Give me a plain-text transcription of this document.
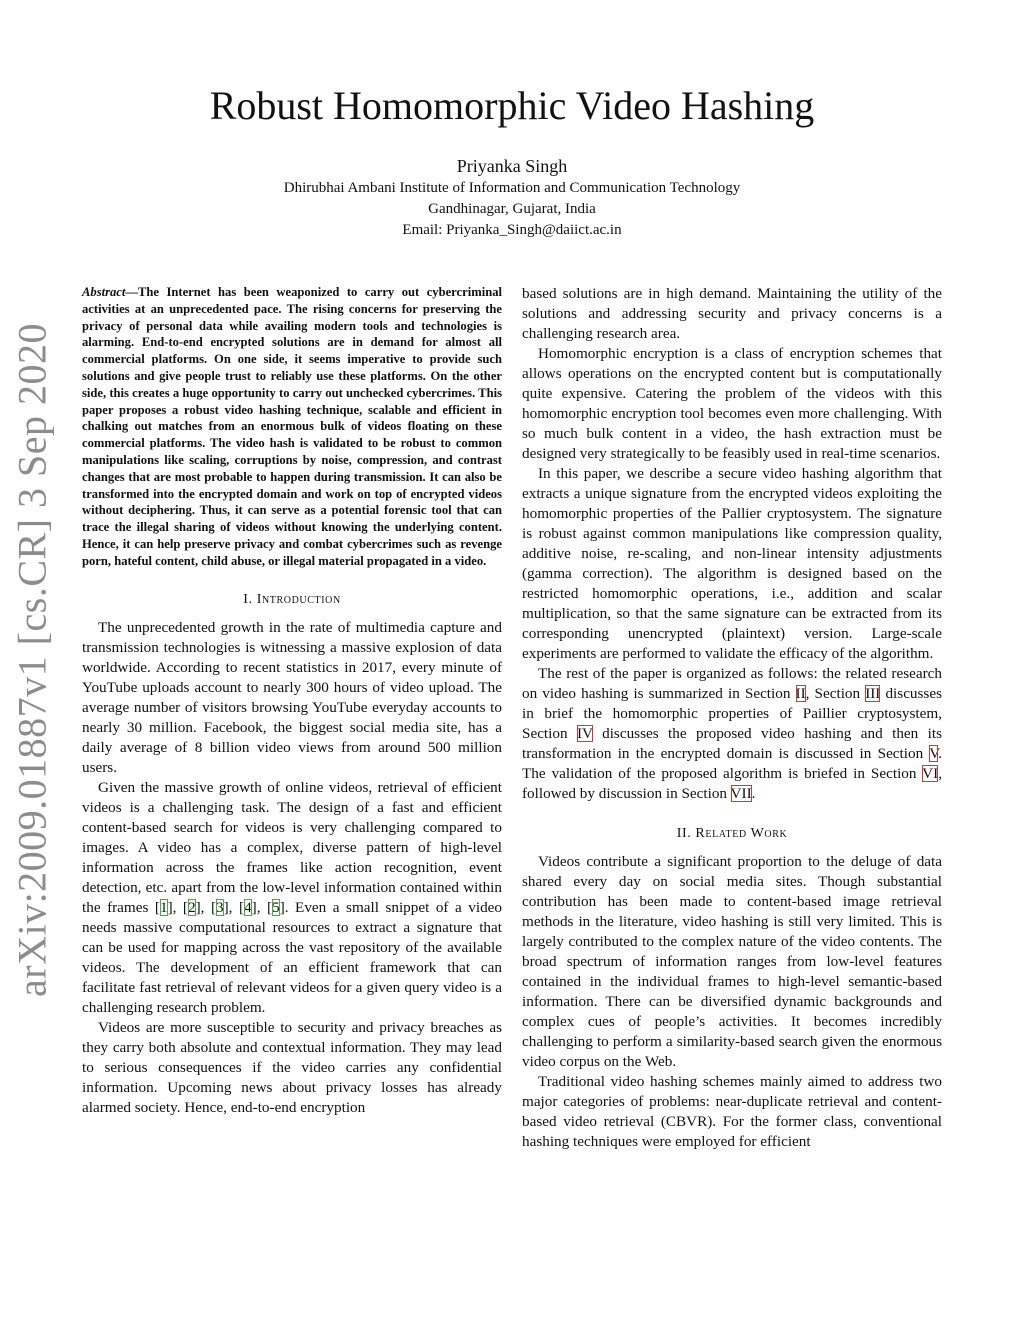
arXiv:2009.01887v1 [cs.CR] 3 Sep 2020
Robust Homomorphic Video Hashing
Priyanka Singh
Dhirubhai Ambani Institute of Information and Communication Technology
Gandhinagar, Gujarat, India
Email: Priyanka_Singh@daiict.ac.in

Abstract—The Internet has been weaponized to carry out cybercriminal activities at an unprecedented pace. The rising concerns for preserving the privacy of personal data while availing modern tools and technologies is alarming. End-to-end encrypted solutions are in demand for almost all commercial platforms. On one side, it seems imperative to provide such solutions and give people trust to reliably use these platforms. On the other side, this creates a huge opportunity to carry out unchecked cybercrimes. This paper proposes a robust video hashing technique, scalable and efficient in chalking out matches from an enormous bulk of videos floating on these commercial platforms. The video hash is validated to be robust to common manipulations like scaling, corruptions by noise, compression, and contrast changes that are most probable to happen during transmission. It can also be transformed into the encrypted domain and work on top of encrypted videos without deciphering. Thus, it can serve as a potential forensic tool that can trace the illegal sharing of videos without knowing the underlying content. Hence, it can help preserve privacy and combat cybercrimes such as revenge porn, hateful content, child abuse, or illegal material propagated in a video.

I. Introduction

The unprecedented growth in the rate of multimedia capture and transmission technologies is witnessing a massive explosion of data worldwide. According to recent statistics in 2017, every minute of YouTube uploads account to nearly 300 hours of video upload. The average number of visitors browsing YouTube everyday accounts to nearly 30 million. Facebook, the biggest social media site, has a daily average of 8 billion video views from around 500 million users.

Given the massive growth of online videos, retrieval of efficient videos is a challenging task. The design of a fast and efficient content-based search for videos is very challenging compared to images. A video has a complex, diverse pattern of high-level information across the frames like action recognition, event detection, etc. apart from the low-level information contained within the frames [1], [2], [3], [4], [5]. Even a small snippet of a video needs massive computational resources to extract a signature that can be used for mapping across the vast repository of the available videos. The development of an efficient framework that can facilitate fast retrieval of relevant videos for a given query video is a challenging research problem.

Videos are more susceptible to security and privacy breaches as they carry both absolute and contextual information. They may lead to serious consequences if the video carries any confidential information. Upcoming news about privacy losses has already alarmed society. Hence, end-to-end encryption

based solutions are in high demand. Maintaining the utility of the solutions and addressing security and privacy concerns is a challenging research area.

Homomorphic encryption is a class of encryption schemes that allows operations on the encrypted content but is computationally quite expensive. Catering the problem of the videos with this homomorphic encryption tool becomes even more challenging. With so much bulk content in a video, the hash extraction must be designed very strategically to be feasibly used in real-time scenarios.

In this paper, we describe a secure video hashing algorithm that extracts a unique signature from the encrypted videos exploiting the homomorphic properties of the Pallier cryptosystem. The signature is robust against common manipulations like compression quality, additive noise, re-scaling, and non-linear intensity adjustments (gamma correction). The algorithm is designed based on the restricted homomorphic operations, i.e., addition and scalar multiplication, so that the same signature can be extracted from its corresponding unencrypted (plaintext) version. Large-scale experiments are performed to validate the efficacy of the algorithm.

The rest of the paper is organized as follows: the related research on video hashing is summarized in Section II, Section III discusses in brief the homomorphic properties of Paillier cryptosystem, Section IV discusses the proposed video hashing and then its transformation in the encrypted domain is discussed in Section V. The validation of the proposed algorithm is briefed in Section VI, followed by discussion in Section VII.

II. Related Work

Videos contribute a significant proportion to the deluge of data shared every day on social media sites. Though substantial contribution has been made to content-based image retrieval methods in the literature, video hashing is still very limited. This is largely contributed to the complex nature of the video contents. The broad spectrum of information ranges from low-level features contained in the individual frames to high-level semantic-based information. There can be diversified dynamic backgrounds and complex cues of people’s activities. It becomes incredibly challenging to perform a similarity-based search given the enormous video corpus on the Web.

Traditional video hashing schemes mainly aimed to address two major categories of problems: near-duplicate retrieval and content-based video retrieval (CBVR). For the former class, conventional hashing techniques were employed for efficient
